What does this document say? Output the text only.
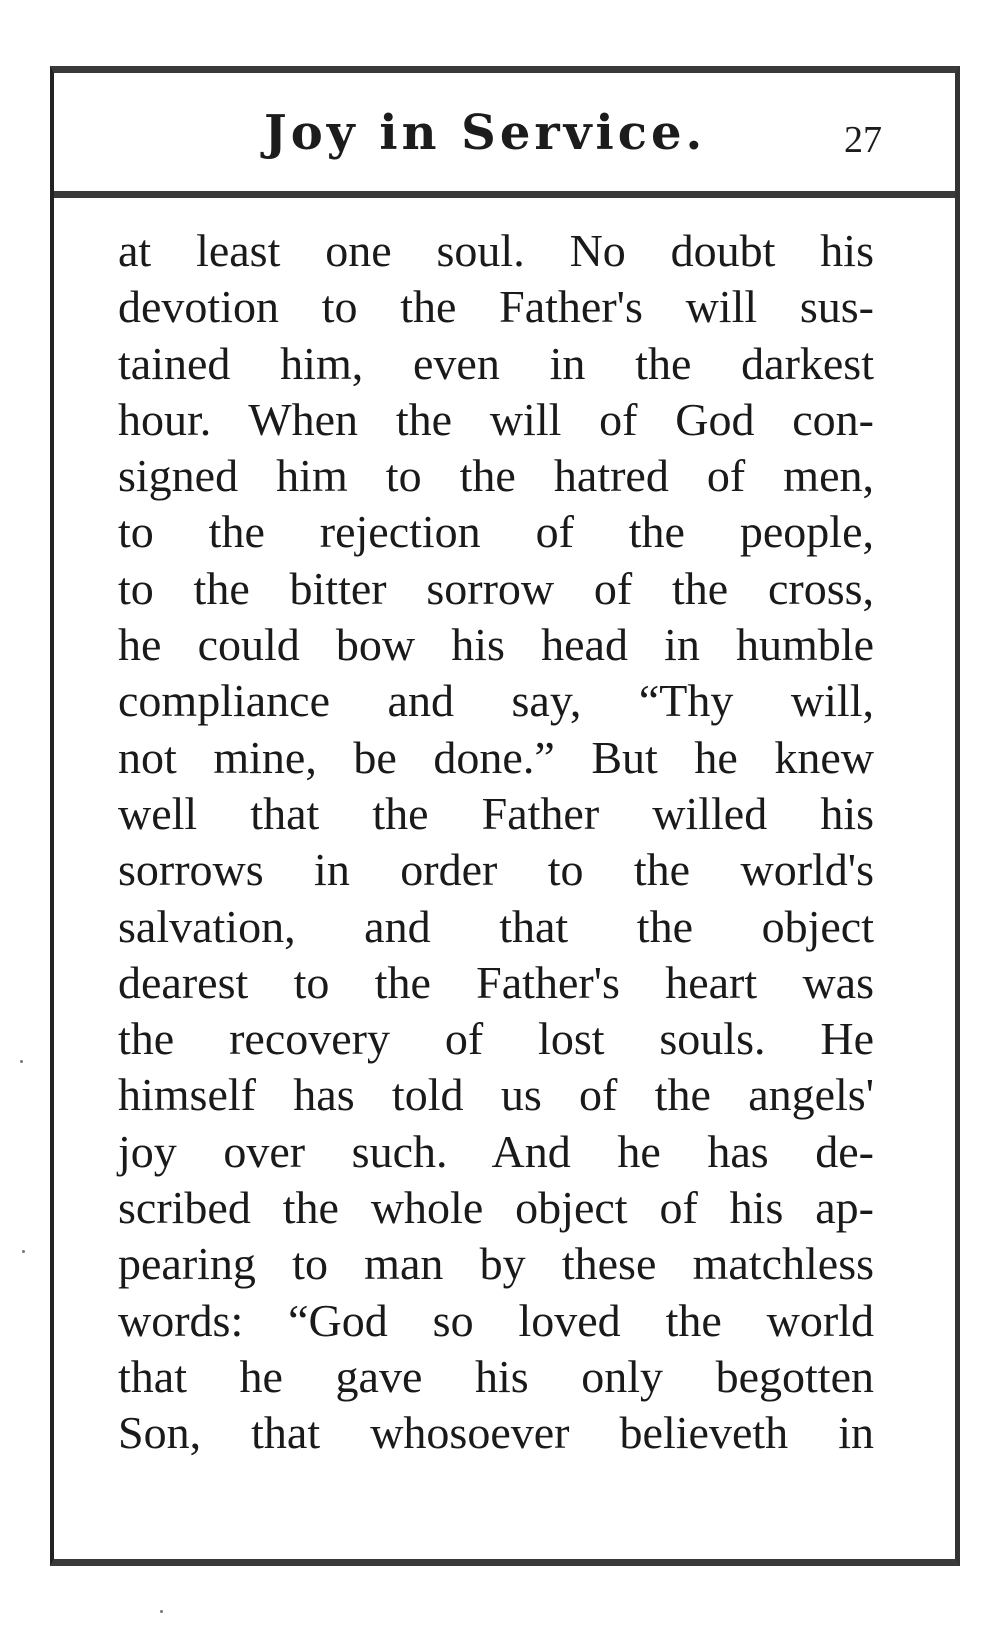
Joy in Service.	27
at least one soul. No doubt his
devotion to the Father's will sus-
tained him, even in the darkest
hour. When the will of God con-
signed him to the hatred of men,
to the rejection of the people,
to the bitter sorrow of the cross,
he could bow his head in humble
compliance and say, “Thy will,
not mine, be done.” But he knew
well that the Father willed his
sorrows in order to the world's
salvation, and that the object
dearest to the Father's heart was
the recovery of lost souls. He
himself has told us of the angels'
joy over such. And he has de-
scribed the whole object of his ap-
pearing to man by these matchless
words: “God so loved the world
that he gave his only begotten
Son, that whosoever believeth in
